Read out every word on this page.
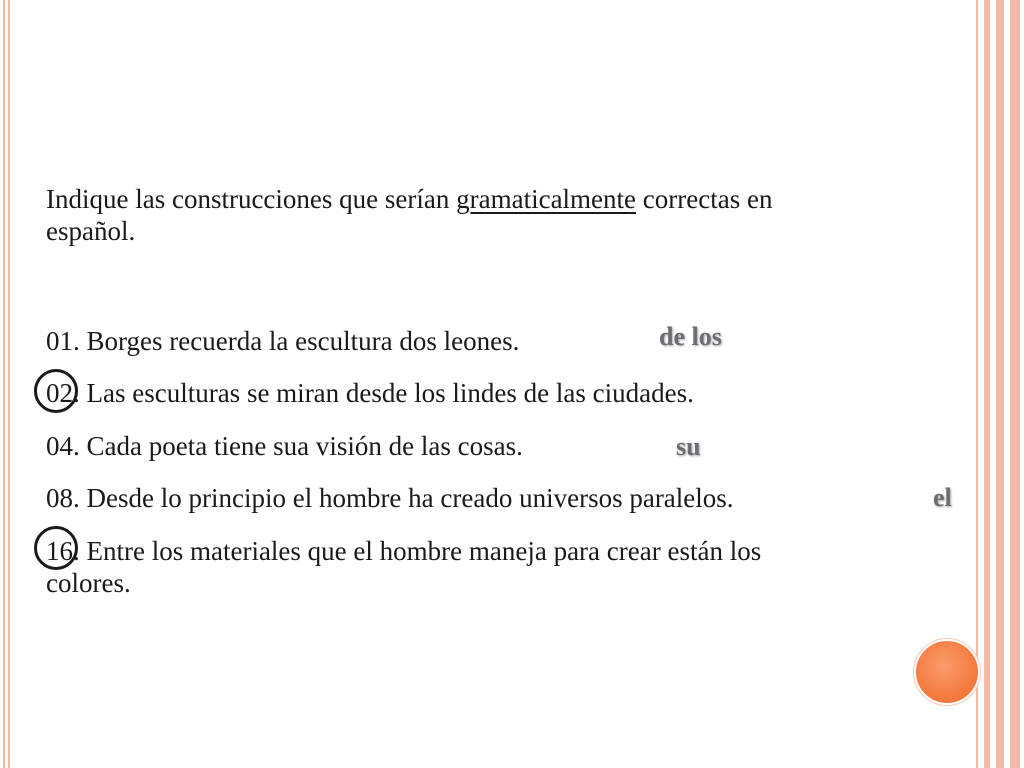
Indique las construcciones que serían gramaticalmente correctas en
español.
01. Borges recuerda la escultura dos leones.
02. Las esculturas se miran desde los lindes de las ciudades.
04. Cada poeta tiene sua visión de las cosas.
08. Desde lo principio el hombre ha creado universos paralelos.
16. Entre los materiales que el hombre maneja para crear están los
colores.
de los
su
el
